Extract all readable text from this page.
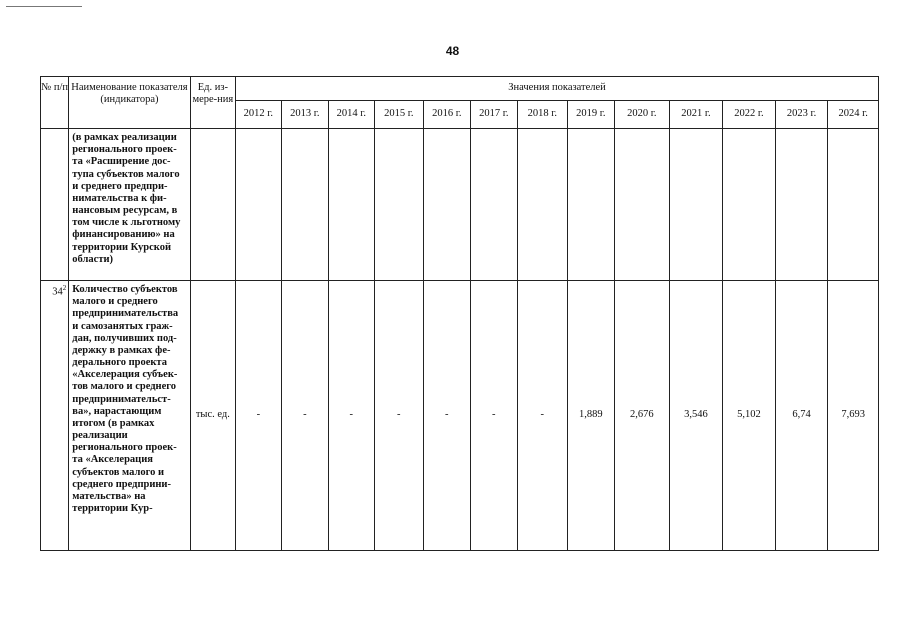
48
№ п/п	Наименование показателя (индикатора)	Ед. из-мере-ния	Значения показателей												
			2012 г.	2013 г.	2014 г.	2015 г.	2016 г.	2017 г.	2018 г.	2019 г.	2020 г.	2021 г.	2022 г.	2023 г.	2024 г.
	(в рамках реализации регионального проек-та «Расширение дос-тупа субъектов малого и среднего предпри-нимательства к фи-нансовым ресурсам, в том числе к льготному финансированию» на территории Курской области)														
$34^2$	Количество субъектов малого и среднего предпринимательства и самозанятых граж-дан, получивших под-держку в рамках фе-дерального проекта «Акселерация субъек-тов малого и среднего предпринимательст-ва», нарастающим итогом (в рамках реализации регионального проек-та «Акселерация субъектов малого и среднего предприни-мательства» на территории Кур-	тыс. ед.	-	-	-	-	-	-	-	1,889	2,676	3,546	5,102	6,74	7,693
